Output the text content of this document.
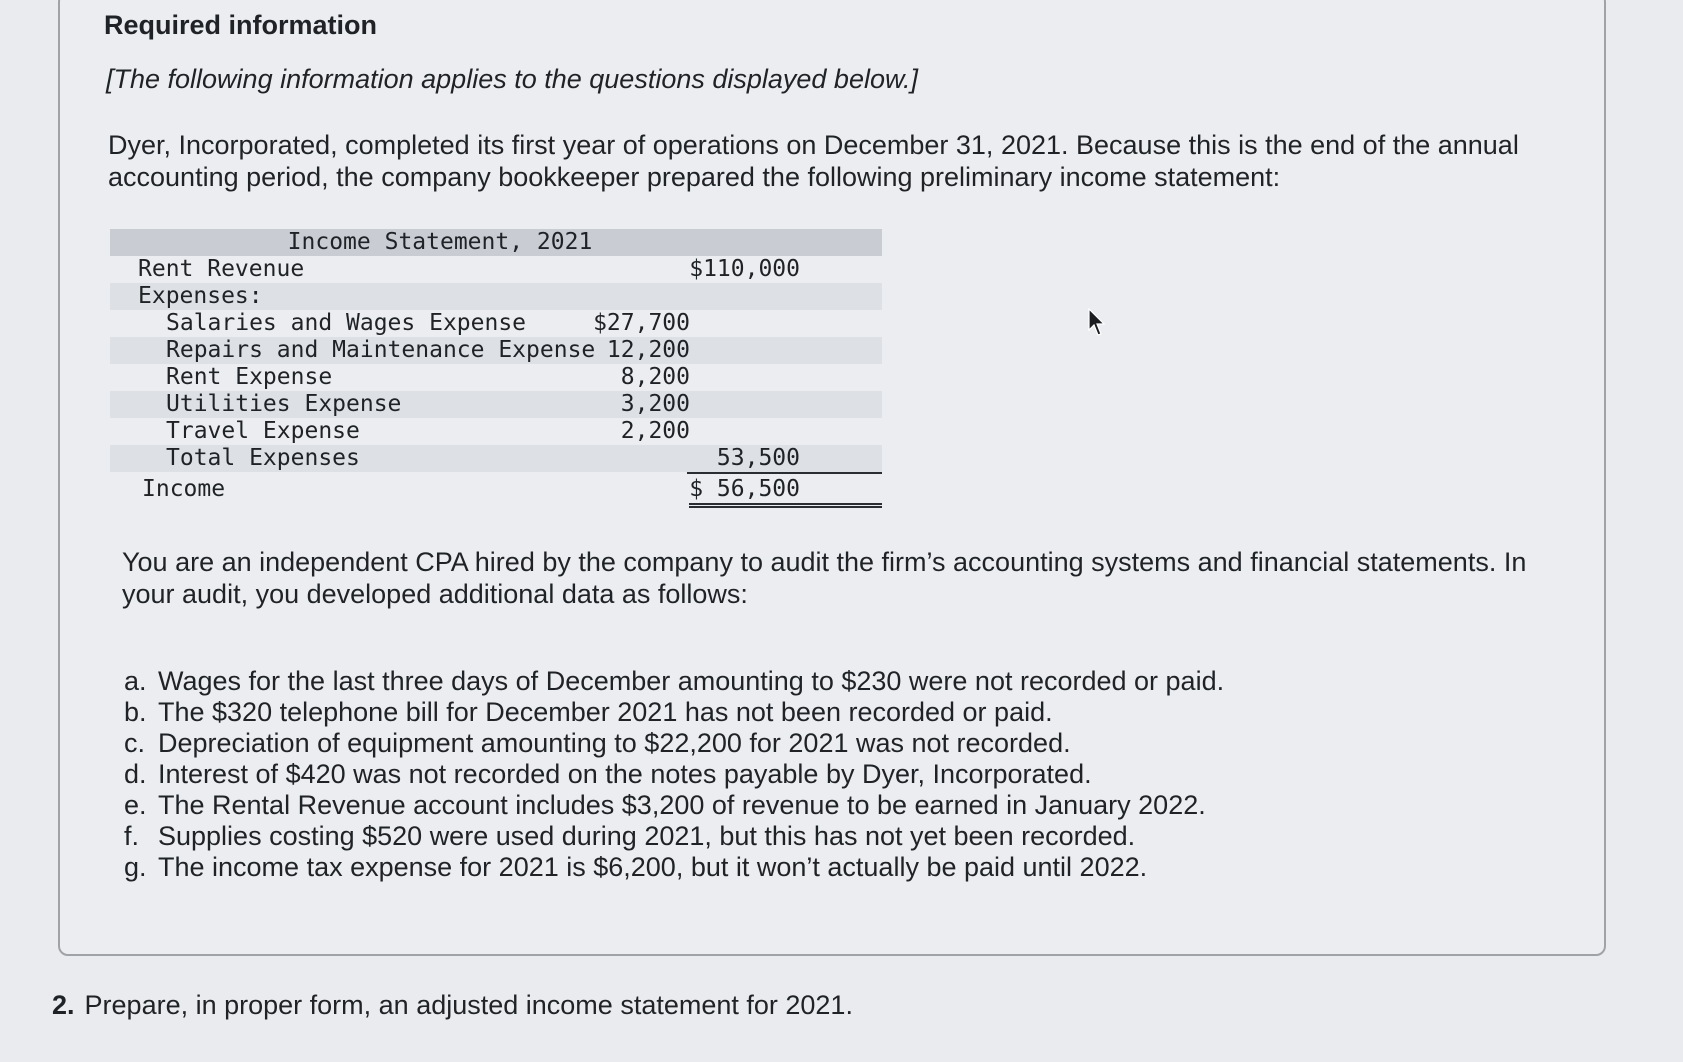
Required information

[The following information applies to the questions displayed below.]

Dyer, Incorporated, completed its first year of operations on December 31, 2021. Because this is the end of the annual accounting period, the company bookkeeper prepared the following preliminary income statement:

Income Statement, 2021
Rent Revenue	$110,000
Expenses:
Salaries and Wages Expense	$27,700
Repairs and Maintenance Expense 12,200
Rent Expense	8,200
Utilities Expense	3,200
Travel Expense	2,200
Total Expenses	53,500
Income	$ 56,500

You are an independent CPA hired by the company to audit the firm’s accounting systems and financial statements. In your audit, you developed additional data as follows:

a. Wages for the last three days of December amounting to $230 were not recorded or paid.
b. The $320 telephone bill for December 2021 has not been recorded or paid.
c. Depreciation of equipment amounting to $22,200 for 2021 was not recorded.
d. Interest of $420 was not recorded on the notes payable by Dyer, Incorporated.
e. The Rental Revenue account includes $3,200 of revenue to be earned in January 2022.
f. Supplies costing $520 were used during 2021, but this has not yet been recorded.
g. The income tax expense for 2021 is $6,200, but it won’t actually be paid until 2022.

2. Prepare, in proper form, an adjusted income statement for 2021.
